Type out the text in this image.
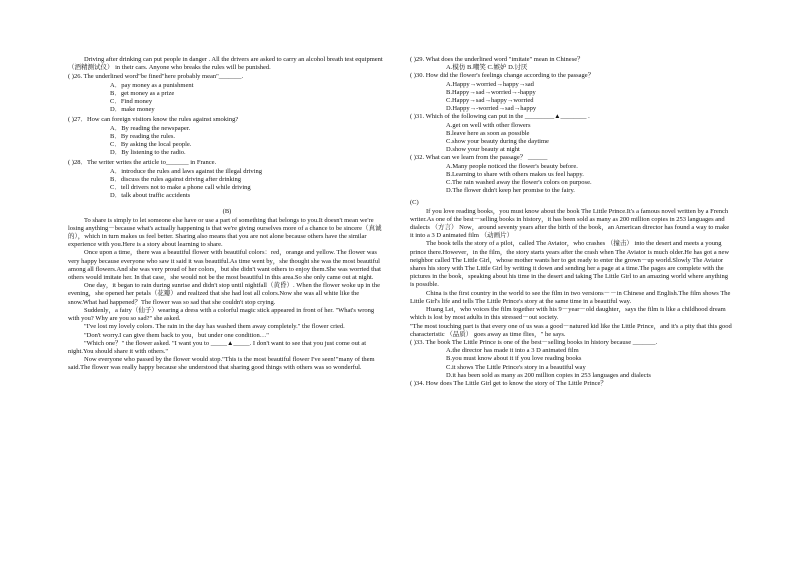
Driving after drinking can put people in danger . All the drivers are asked to carry an alcohol breath test equipment （酒精测试仪） in their cars. Anyone who breaks the rules will be punished.

( )26. The underlined word"be fined"here probably mean"_______.

A．pay money as a punishment

B．get money as a prize

C．Find money

D．make money

( )27．How can foreign visitors know the rules against smoking?

A．By reading the newspaper.

B．By reading the rules.

C．By asking the local people.

D．By listening to the radio.

( )28．The writer writes the article to_______ in France.

A．introduce the rules and laws against the illegal driving

B．discuss the rules against driving after drinking

C．tell drivers not to make a phone call while driving

D．talk about traffic accidents

(B)

To share is simply to let someone else have or use a part of something that belongs to you.It doesn't mean we're losing anything－because what's actually happening is that we're giving ourselves more of a chance to be sincere（真诚的），which in turn makes us feel better. Sharing also means that you are not alone because others have the similar experience with you.Here is a story about learning to share.

Once upon a time，there was a beautiful flower with beautiful colors：red，orange and yellow. The flower was very happy because everyone who saw it said it was beautiful.As time went by，she thought she was the most beautiful among all flowers.And she was very proud of her colors，but she didn't want others to enjoy them.She was worried that others would imitate her. In that case，she would not be the most beautiful in this area.So she only came out at night.

One day，it began to rain during sunrise and didn't stop until nightfall（黄昏）. When the flower woke up in the evening，she opened her petals（花瓣）and realized that she had lost all colors.Now she was all white like the snow.What had happened？The flower was so sad that she couldn't stop crying.

Suddenly，a fairy（仙子）wearing a dress with a colorful magic stick appeared in front of her. "What's wrong with you? Why are you so sad?" she asked.

"I've lost my lovely colors. The rain in the day has washed them away completely." the flower cried.

"Don't worry.I can give them back to you，but under one condition…"

"Which one？" the flower asked. "I want you to _____▲_____. I don't want to see that you just come out at night.You should share it with others."

Now everyone who passed by the flower would stop."This is the most beautiful flower I've seen!"many of them said.The flower was really happy because she understood that sharing good things with others was so wonderful.

( )29. What does the underlined word "imitate" mean in Chinese？

A.模仿 B.嘲笑 C.嫉妒 D.讨厌

( )30. How did the flower's feelings change according to the passage？

A.Happy→worried→happy→sad

B.Happy→sad→worried→-happy

C.Happy→sad→happy→worried

D.Happy→-worried→sad→happy

( )31. Which of the following can put in the _________▲________ .

A.get on well with other flowers

B.leave here as soon as possible

C.show your beauty during the daytime

D.show your beauty at night

( )32. What can we learn from the passage？ ______

A.Many people noticed the flower's beauty before.

B.Learning to share with others makes us feel happy.

C.The rain washed away the flower's colors on purpose.

D.The flower didn't keep her promise to the fairy.

(C)

If you love reading books，you must know about the book The Little Prince.It's a famous novel written by a French writer.As one of the best－selling books in history，it has been sold as many as 200 million copies in 253 languages and dialects （方言） Now，around seventy years after the birth of the book，an American director has found a way to make it into a 3 D animated film （动画片）

The book tells the story of a pilot，called The Aviator，who crashes （撞击） into the desert and meets a young prince there.However，in the film，the story starts years after the crash when The Aviator is much older.He has got a new neighbor called The Little Girl，whose mother wants her to get ready to enter the grown－up world.Slowly The Aviator shares his story with The Little Girl by writing it down and sending her a page at a time.The pages are complete with the pictures in the book，speaking about his time in the desert and taking The Little Girl to an amazing world where anything is possible.

China is the first country in the world to see the film in two versions－－in Chinese and English.The film shows The Little Girl's life and tells The Little Prince's story at the same time in a beautiful way.

Huang Lei，who voices the film together with his 9－year－old daughter，says the film is like a childhood dream which is lost by most adults in this stressed－out society.

"The most touching part is that every one of us was a good－natured kid like the Little Prince，and it's a pity that this good characteristic （品质） goes away as time flies，" he says.

( )33. The book The Little Prince is one of the best－selling books in history because _______.

A.the director has made it into a 3 D animated film

B.you must know about it if you love reading books

C.it shows The Little Prince's story in a beautiful way

D.it has been sold as many as 200 million copies in 253 languages and dialects

( )34. How does The Little Girl get to know the story of The Little Prince？
